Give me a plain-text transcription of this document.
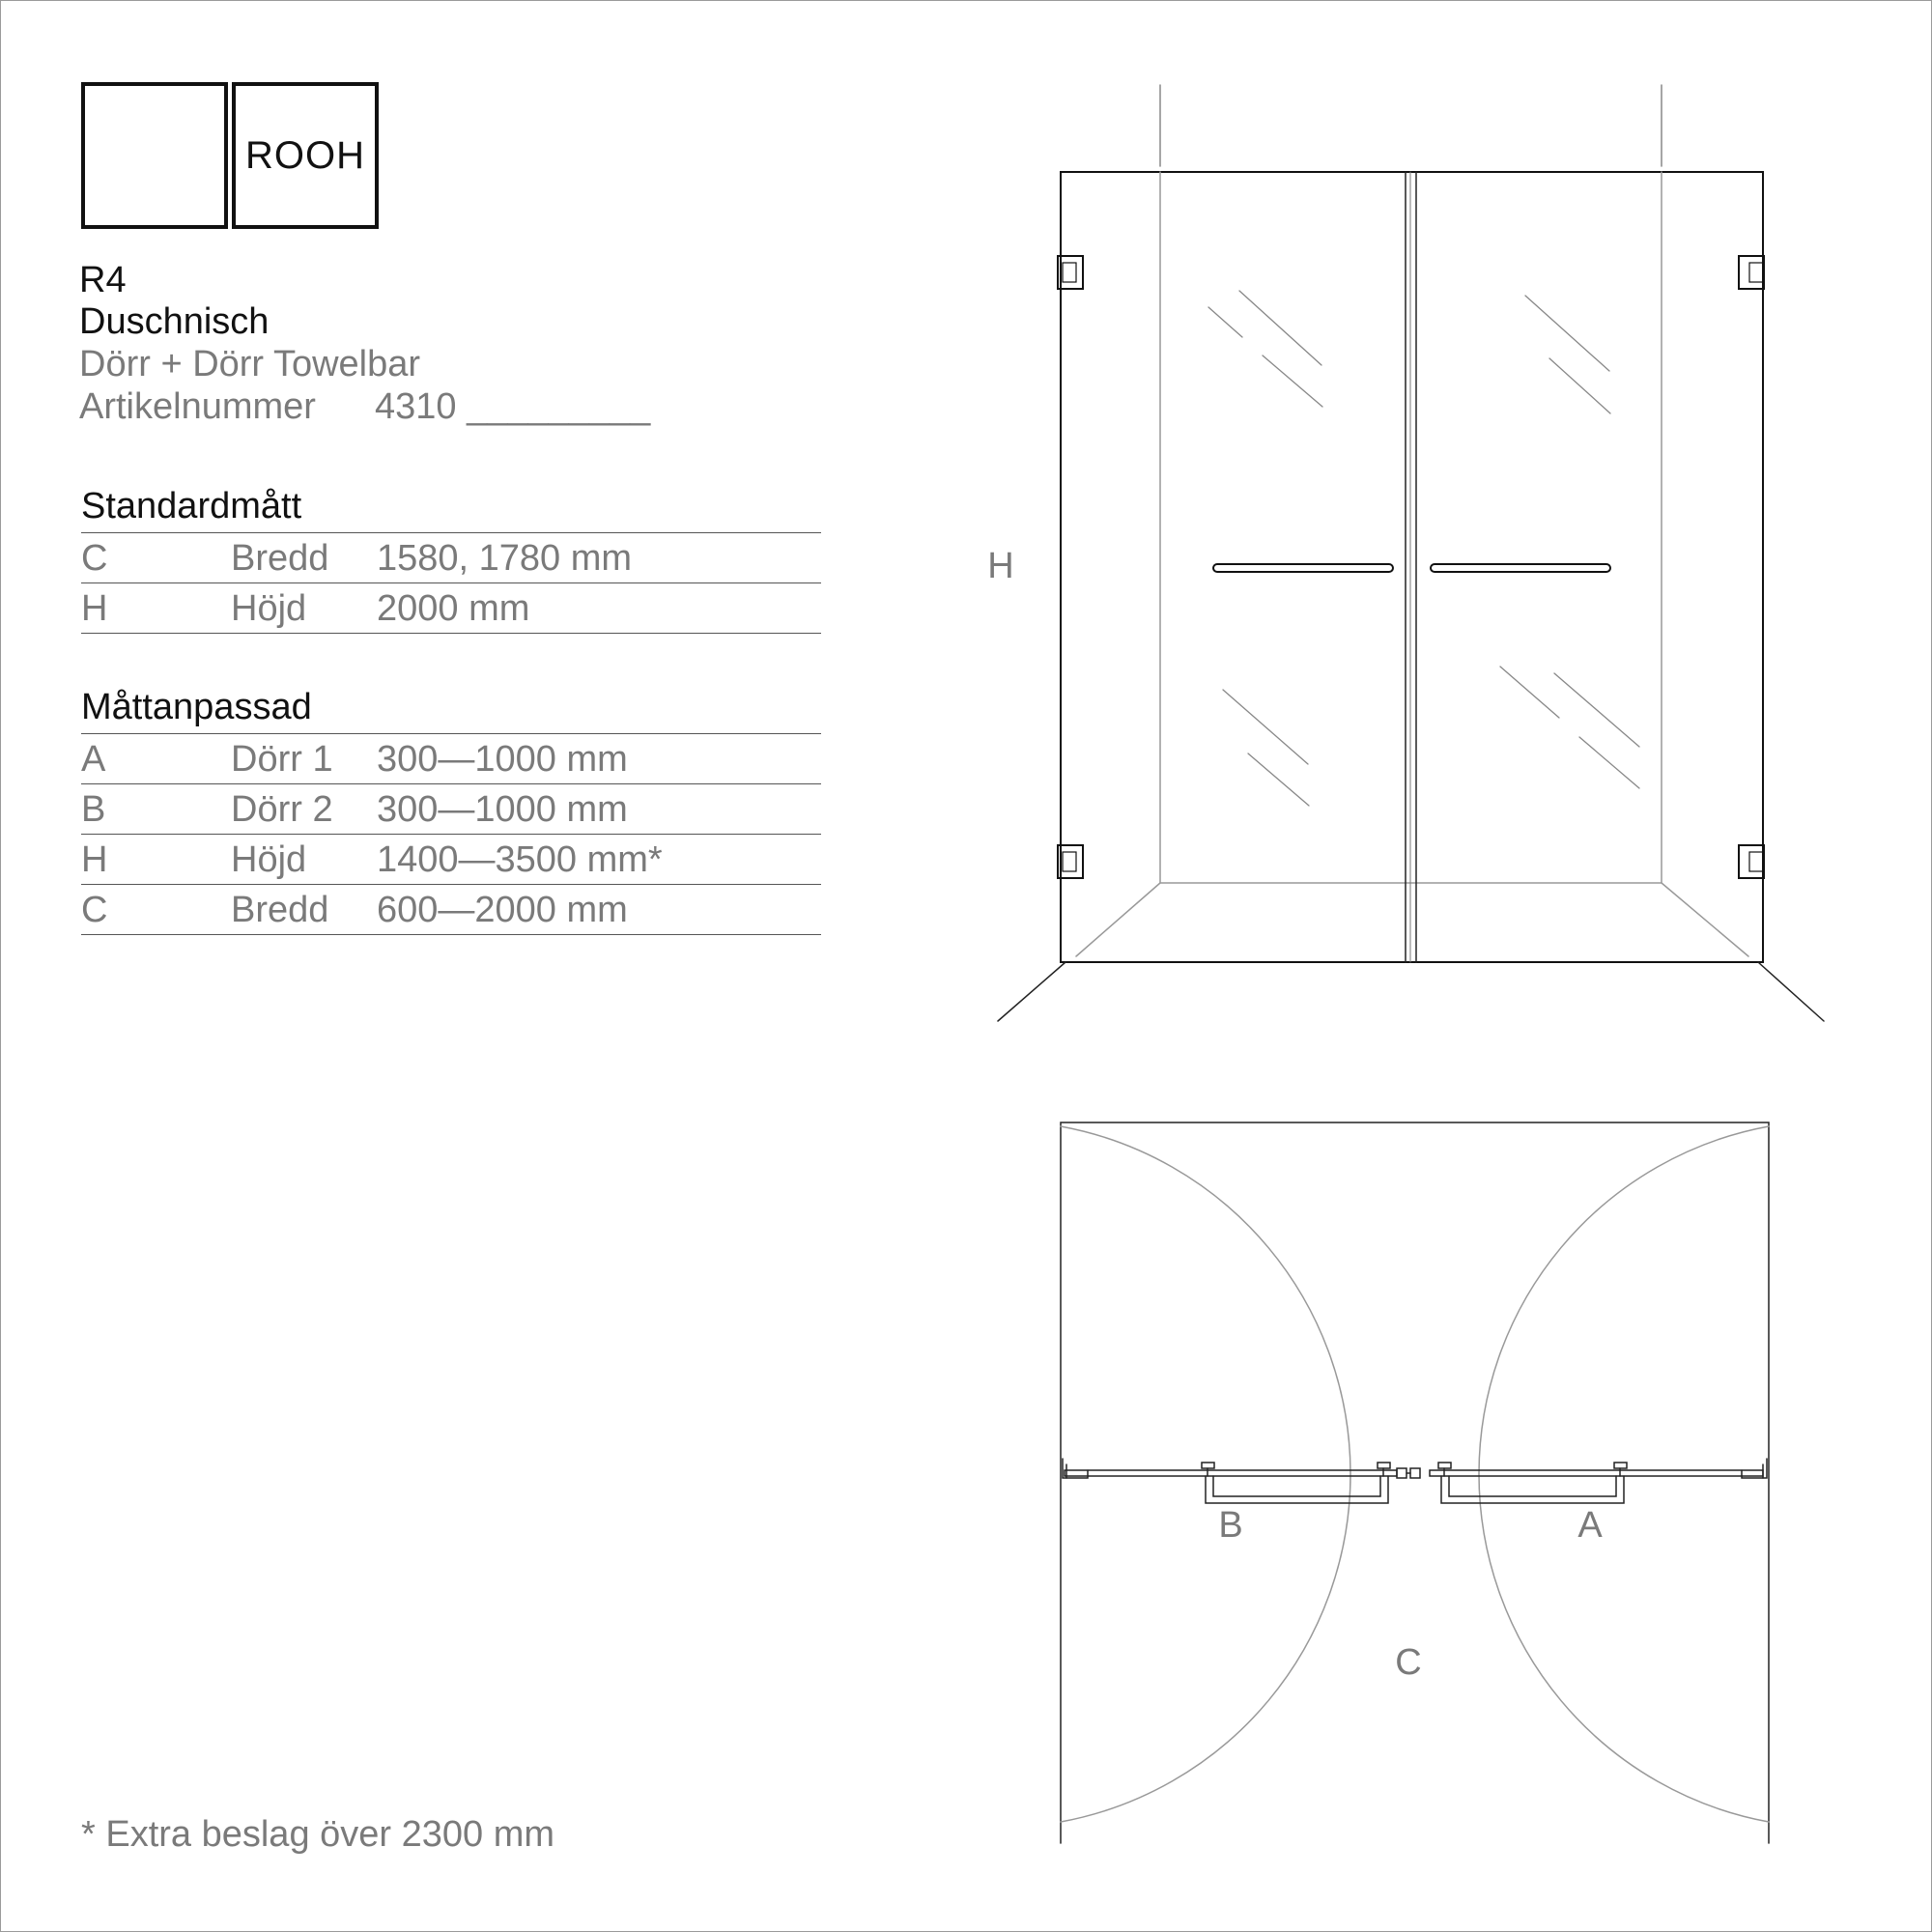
ROOH
R4
Duschnisch
Dörr + Dörr Towelbar
Artikelnummer 4310 _________
Standardmått
C	Bredd 1580, 1780 mm
H	Höjd 2000 mm
Måttanpassad
A	Dörr 1 300—1000 mm
B	Dörr 2 300—1000 mm
H	Höjd 1400—3500 mm*
C	Bredd 600—2000 mm
* Extra beslag över 2300 mm
H
B	A
C
